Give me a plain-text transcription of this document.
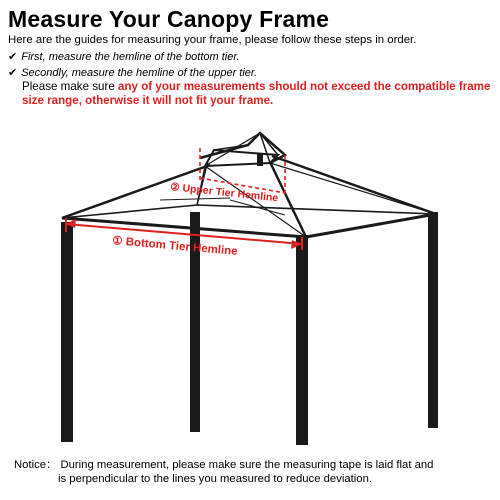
Measure Your Canopy Frame
Here are the guides for measuring your frame, please follow these steps in order.
✔ First, measure the hemline of the bottom tier.
✔ Secondly, measure the hemline of the upper tier.
Please make sure any of your measurements should not exceed the compatible frame size range, otherwise it will not fit your frame.
② Upper Tier Hemline
① Bottom Tier Hemline
Notice： During measurement, please make sure the measuring tape is laid flat and
is perpendicular to the lines you measured to reduce deviation.
